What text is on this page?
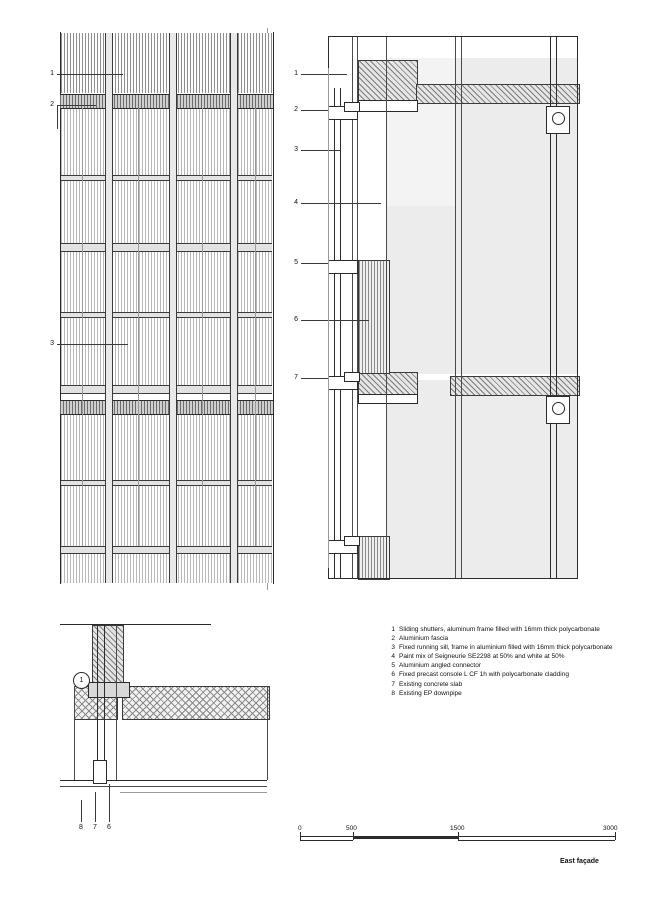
1
2
3
1
2
3
4
5
6
7
1
8	7	6
1 Sliding shutters, aluminum frame filled with 16mm thick polycarbonate
2 Aluminium fascia
3 Fixed running sill, frame in aluminium filled with 16mm thick polycarbonate
4 Paint mix of Seigneurie SE2298 at 50% and white at 50%
5 Aluminium angled connector
6 Fixed precast console L CF 1h with polycarbonate cladding
7 Existing concrete slab
8 Existing EP downpipe
0	500	1500	3000
East façade
